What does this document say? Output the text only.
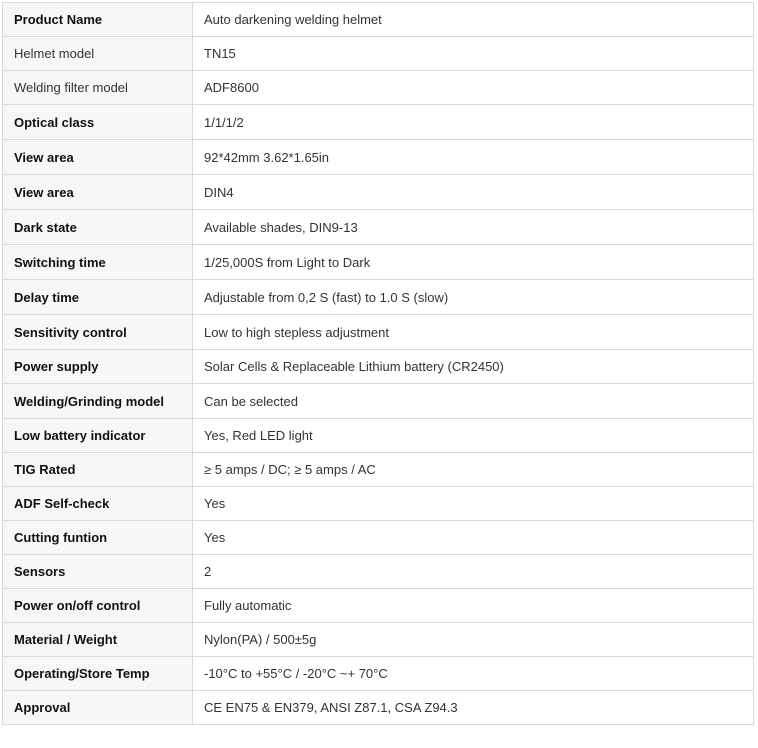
Product Name	Auto darkening welding helmet
Helmet model	TN15
Welding filter model	ADF8600
Optical class	1/1/1/2
View area	92*42mm 3.62*1.65in
View area	DIN4
Dark state	Available shades, DIN9-13
Switching time	1/25,000S from Light to Dark
Delay time	Adjustable from 0,2 S (fast) to 1.0 S (slow)
Sensitivity control	Low to high stepless adjustment
Power supply	Solar Cells & Replaceable Lithium battery (CR2450)
Welding/Grinding model	Can be selected
Low battery indicator	Yes, Red LED light
TIG Rated	≥ 5 amps / DC; ≥ 5 amps / AC
ADF Self-check	Yes
Cutting funtion	Yes
Sensors	2
Power on/off control	Fully automatic
Material / Weight	Nylon(PA) / 500±5g
Operating/Store Temp	-10°C to +55°C / -20°C ~+ 70°C
Approval	CE EN75 & EN379, ANSI Z87.1, CSA Z94.3
